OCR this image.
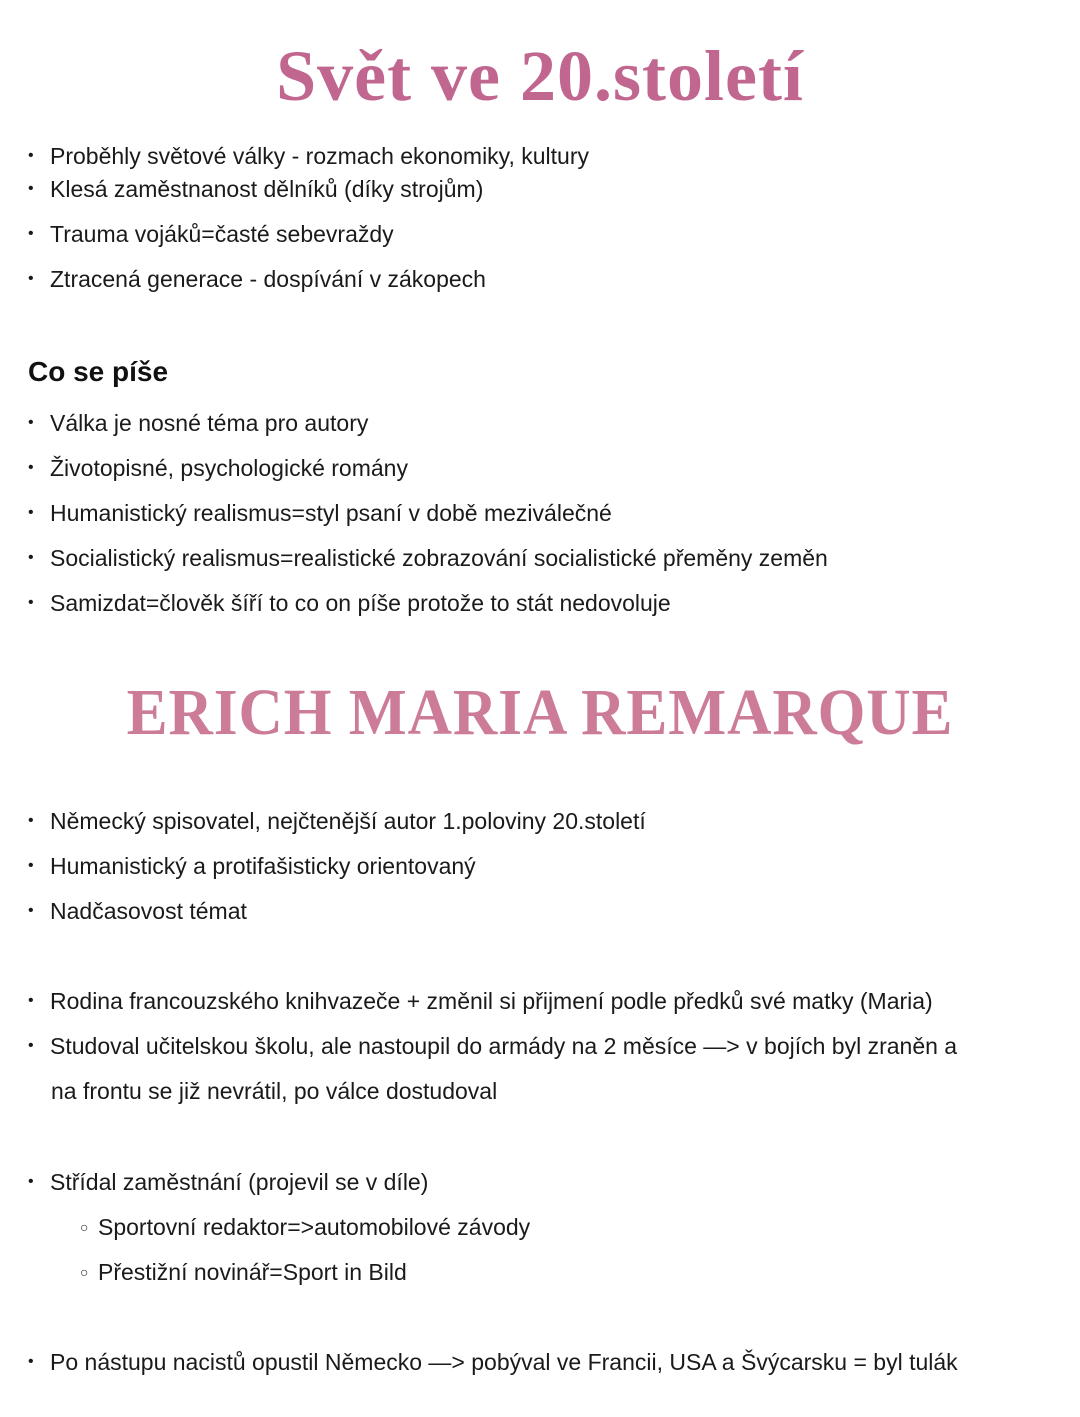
Svět ve 20.století
• Proběhly světové války - rozmach ekonomiky, kultury
• Klesá zaměstnanost dělníků (díky strojům)
• Trauma vojáků=časté sebevraždy
• Ztracená generace - dospívání v zákopech
Co se píše
• Válka je nosné téma pro autory
• Životopisné, psychologické romány
• Humanistický realismus=styl psaní v době meziválečné
• Socialistický realismus=realistické zobrazování socialistické přeměny zeměn
• Samizdat=člověk šíří to co on píše protože to stát nedovoluje
ERICH MARIA REMARQUE
• Německý spisovatel, nejčtenější autor 1.poloviny 20.století
• Humanistický a protifašisticky orientovaný
• Nadčasovost témat
• Rodina francouzského knihvazeče + změnil si přijmení podle předků své matky (Maria)
• Studoval učitelskou školu, ale nastoupil do armády na 2 měsíce —> v bojích byl zraněn a
na frontu se již nevrátil, po válce dostudoval
• Střídal zaměstnání (projevil se v díle)
○ Sportovní redaktor=>automobilové závody
○ Přestižní novinář=Sport in Bild
• Po nástupu nacistů opustil Německo —> pobýval ve Francii, USA a Švýcarsku = byl tulák
